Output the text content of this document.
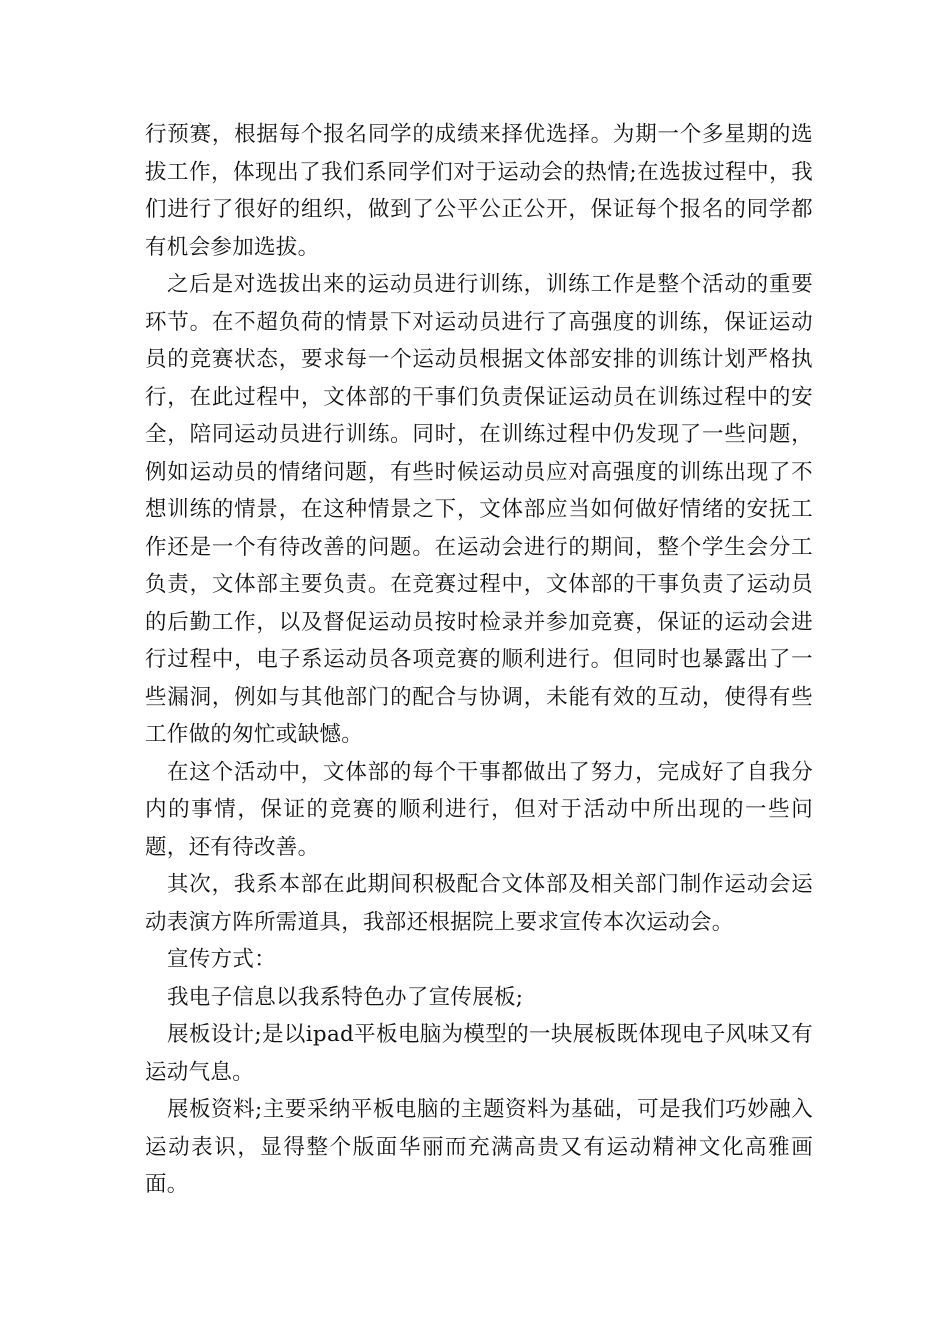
行预赛，根据每个报名同学的成绩来择优选择。为期一个多星期的选拔工作，体现出了我们系同学们对于运动会的热情;在选拔过程中，我们进行了很好的组织，做到了公平公正公开，保证每个报名的同学都有机会参加选拔。

之后是对选拔出来的运动员进行训练，训练工作是整个活动的重要环节。在不超负荷的情景下对运动员进行了高强度的训练，保证运动员的竞赛状态，要求每一个运动员根据文体部安排的训练计划严格执行，在此过程中，文体部的干事们负责保证运动员在训练过程中的安全，陪同运动员进行训练。同时，在训练过程中仍发现了一些问题，例如运动员的情绪问题，有些时候运动员应对高强度的训练出现了不想训练的情景，在这种情景之下，文体部应当如何做好情绪的安抚工作还是一个有待改善的问题。在运动会进行的期间，整个学生会分工负责，文体部主要负责。在竞赛过程中，文体部的干事负责了运动员的后勤工作，以及督促运动员按时检录并参加竞赛，保证的运动会进行过程中，电子系运动员各项竞赛的顺利进行。但同时也暴露出了一些漏洞，例如与其他部门的配合与协调，未能有效的互动，使得有些工作做的匆忙或缺憾。

在这个活动中，文体部的每个干事都做出了努力，完成好了自我分内的事情，保证的竞赛的顺利进行，但对于活动中所出现的一些问题，还有待改善。

其次，我系本部在此期间积极配合文体部及相关部门制作运动会运动表演方阵所需道具，我部还根据院上要求宣传本次运动会。

宣传方式：

我电子信息以我系特色办了宣传展板;

展板设计;是以ipad平板电脑为模型的一块展板既体现电子风味又有运动气息。

展板资料;主要采纳平板电脑的主题资料为基础，可是我们巧妙融入运动表识，显得整个版面华丽而充满高贵又有运动精神文化高雅画面。
